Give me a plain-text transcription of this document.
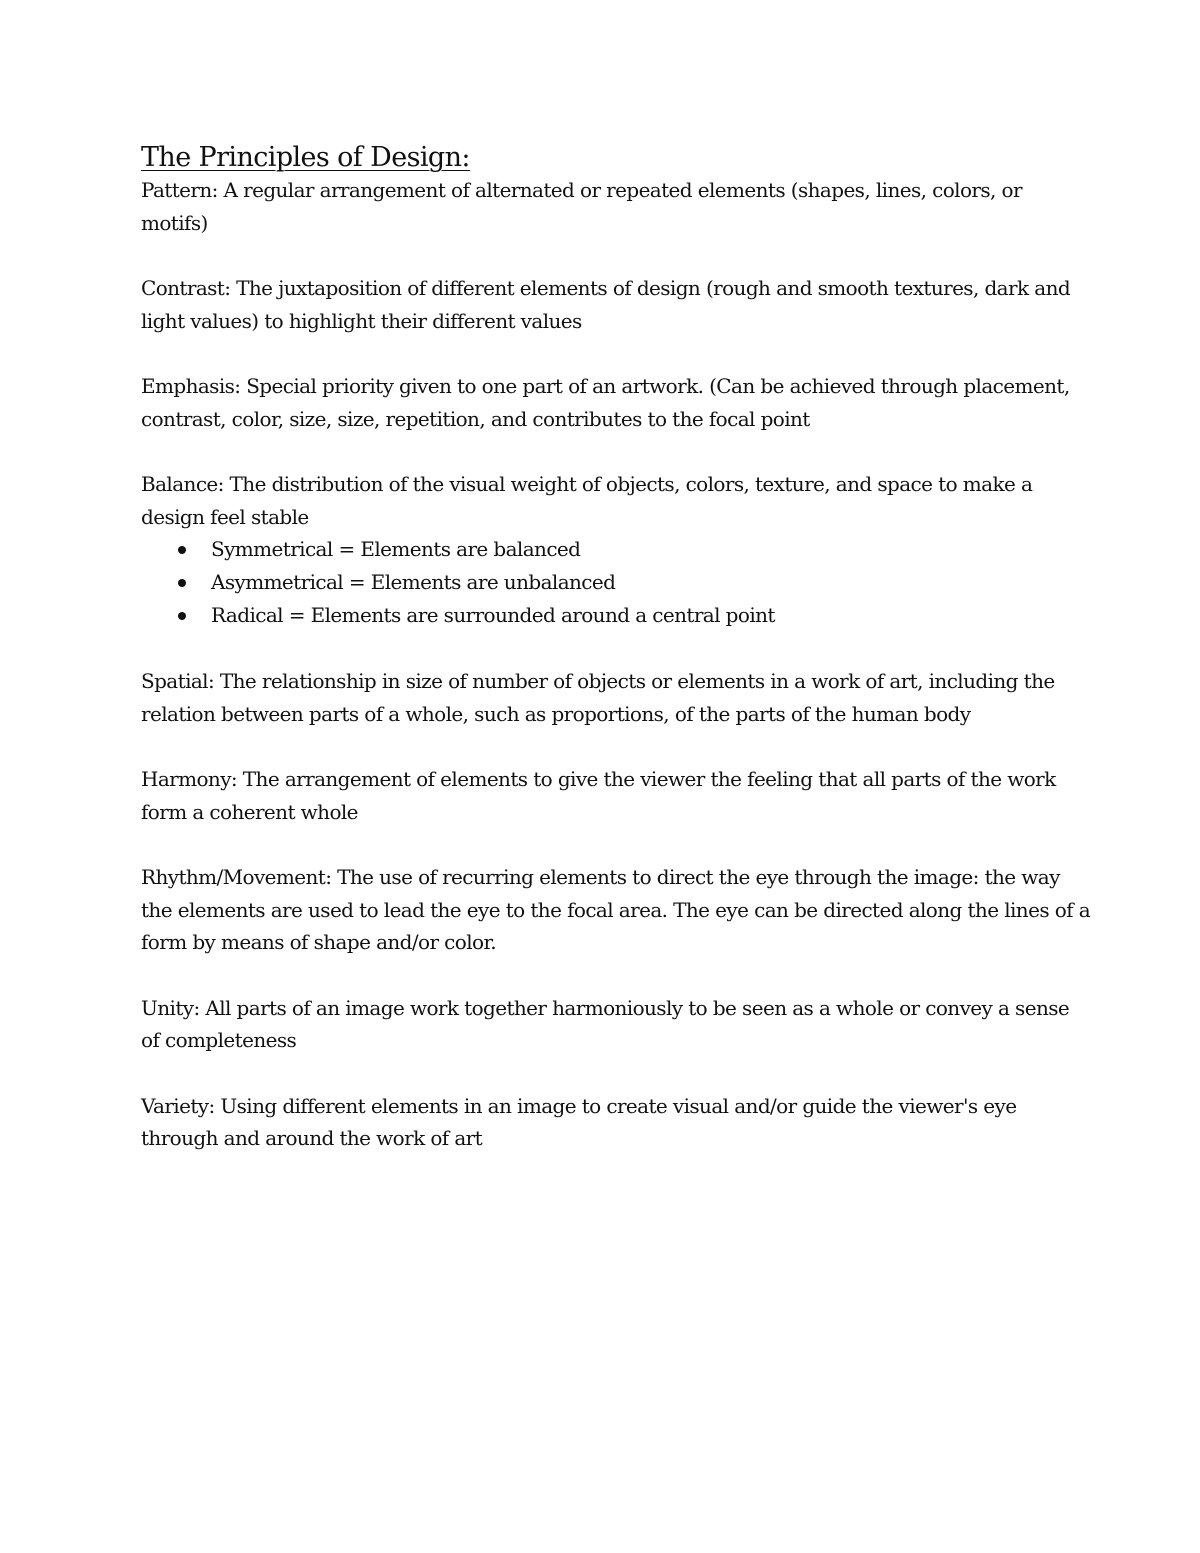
The Principles of Design:

Pattern: A regular arrangement of alternated or repeated elements (shapes, lines, colors, or motifs)

Contrast: The juxtaposition of different elements of design (rough and smooth textures, dark and light values) to highlight their different values

Emphasis: Special priority given to one part of an artwork. (Can be achieved through placement, contrast, color, size, size, repetition, and contributes to the focal point

Balance: The distribution of the visual weight of objects, colors, texture, and space to make a design feel stable

Symmetrical = Elements are balanced
Asymmetrical = Elements are unbalanced
Radical = Elements are surrounded around a central point

Spatial: The relationship in size of number of objects or elements in a work of art, including the relation between parts of a whole, such as proportions, of the parts of the human body

Harmony: The arrangement of elements to give the viewer the feeling that all parts of the work form a coherent whole

Rhythm/Movement: The use of recurring elements to direct the eye through the image: the way the elements are used to lead the eye to the focal area. The eye can be directed along the lines of a form by means of shape and/or color.

Unity: All parts of an image work together harmoniously to be seen as a whole or convey a sense of completeness

Variety: Using different elements in an image to create visual and/or guide the viewer's eye through and around the work of art
